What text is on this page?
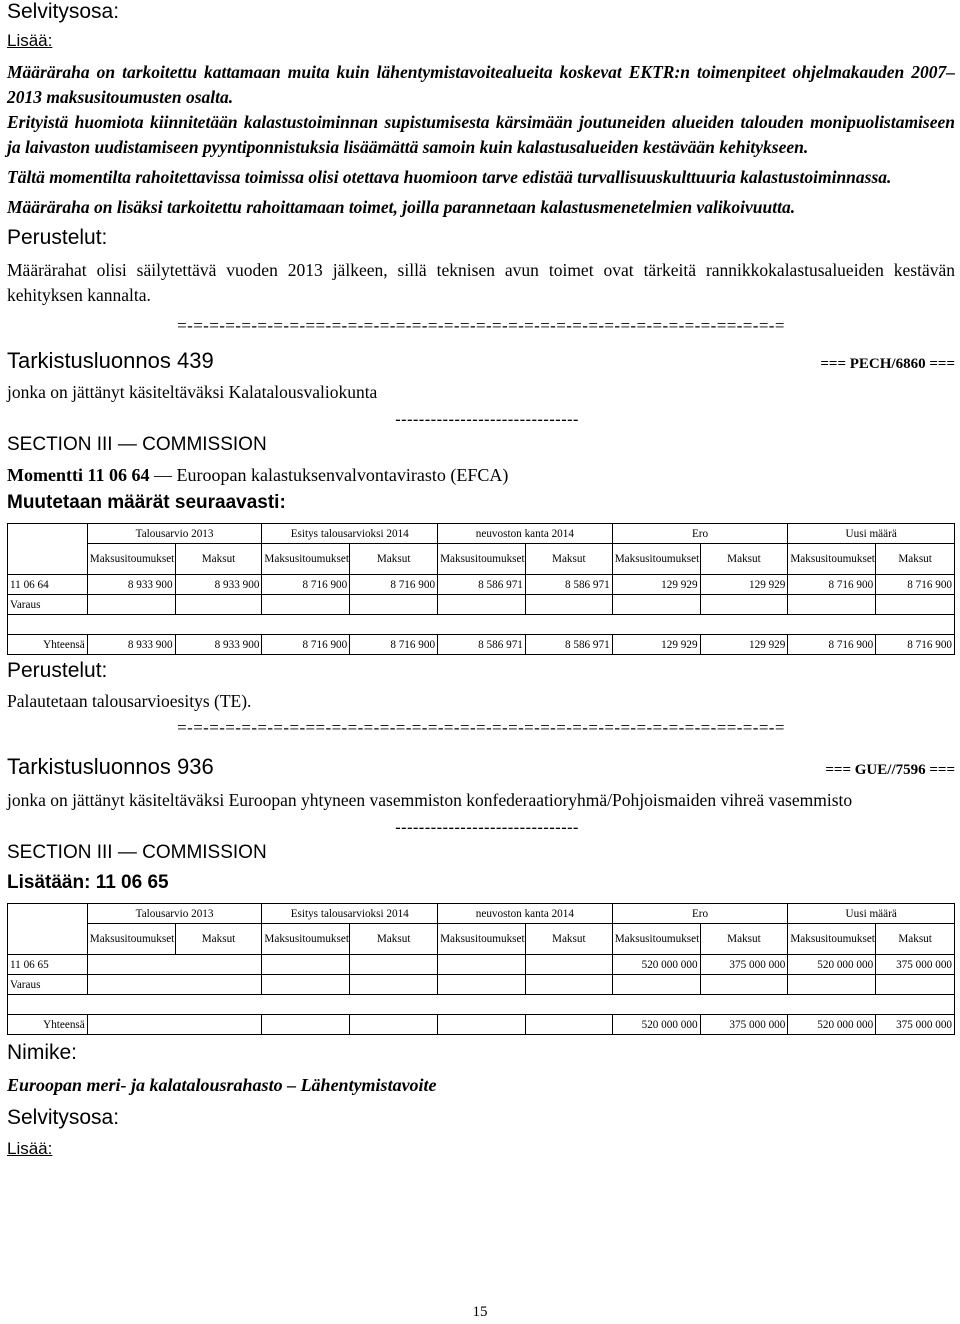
Selvitysosa:
Lisää:

Määräraha on tarkoitettu kattamaan muita kuin lähentymistavoitealueita koskevat EKTR:n toimenpiteet ohjelmakauden 2007–2013 maksusitoumusten osalta.

Erityistä huomiota kiinnitetään kalastustoiminnan supistumisesta kärsimään joutuneiden alueiden talouden monipuolistamiseen ja laivaston uudistamiseen pyyntiponnistuksia lisäämättä samoin kuin kalastusalueiden kestävään kehitykseen.

Tältä momentilta rahoitettavissa toimissa olisi otettava huomioon tarve edistää turvallisuuskulttuuria kalastustoiminnassa.

Määräraha on lisäksi tarkoitettu rahoittamaan toimet, joilla parannetaan kalastusmenetelmien valikoivuutta.

Perustelut:
Määrärahat olisi säilytettävä vuoden 2013 jälkeen, sillä teknisen avun toimet ovat tärkeitä rannikkokalastusalueiden kestävän kehityksen kannalta.
=-=-=-=-=-=-=-=-==-=-=-=-=-=-=-=-=-=-=-=-=-=-=-=-=-=-=-=-=-=-=-=-=-==-=-=-=
Tarkistusluonnos 439	=== PECH/6860 ===
jonka on jättänyt käsiteltäväksi Kalatalousvaliokunta
-------------------------------
SECTION III — COMMISSION
Momentti 11 06 64 — Euroopan kalastuksenvalvontavirasto (EFCA)
Muutetaan määrät seuraavasti:
	Talousarvio 2013		Esitys talousarvioksi 2014		neuvoston kanta 2014		Ero		Uusi määrä	
	Maksusitoumukset	Maksut	Maksusitoumukset	Maksut	Maksusitoumukset	Maksut	Maksusitoumukset	Maksut	Maksusitoumukset	Maksut
11 06 64	8 933 900	8 933 900	8 716 900	8 716 900	8 586 971	8 586 971	129 929	129 929	8 716 900	8 716 900
Varaus										

Yhteensä	8 933 900	8 933 900	8 716 900	8 716 900	8 586 971	8 586 971	129 929	129 929	8 716 900	8 716 900
Perustelut:
Palautetaan talousarvioesitys (TE).
=-=-=-=-=-=-=-=-==-=-=-=-=-=-=-=-=-=-=-=-=-=-=-=-=-=-=-=-=-=-=-=-=-==-=-=-=
Tarkistusluonnos 936	=== GUE//7596 ===
jonka on jättänyt käsiteltäväksi Euroopan yhtyneen vasemmiston konfederaatioryhmä/Pohjoismaiden vihreä vasemmisto
-------------------------------
SECTION III — COMMISSION
Lisätään: 11 06 65
	Talousarvio 2013		Esitys talousarvioksi 2014		neuvoston kanta 2014		Ero		Uusi määrä	
	Maksusitoumukset	Maksut	Maksusitoumukset	Maksut	Maksusitoumukset	Maksut	Maksusitoumukset	Maksut	Maksusitoumukset	Maksut
11 06 65							520 000 000	375 000 000	520 000 000	375 000 000
Varaus										

Yhteensä							520 000 000	375 000 000	520 000 000	375 000 000
Nimike:
Euroopan meri- ja kalatalousrahasto – Lähentymistavoite
Selvitysosa:
Lisää:
15
